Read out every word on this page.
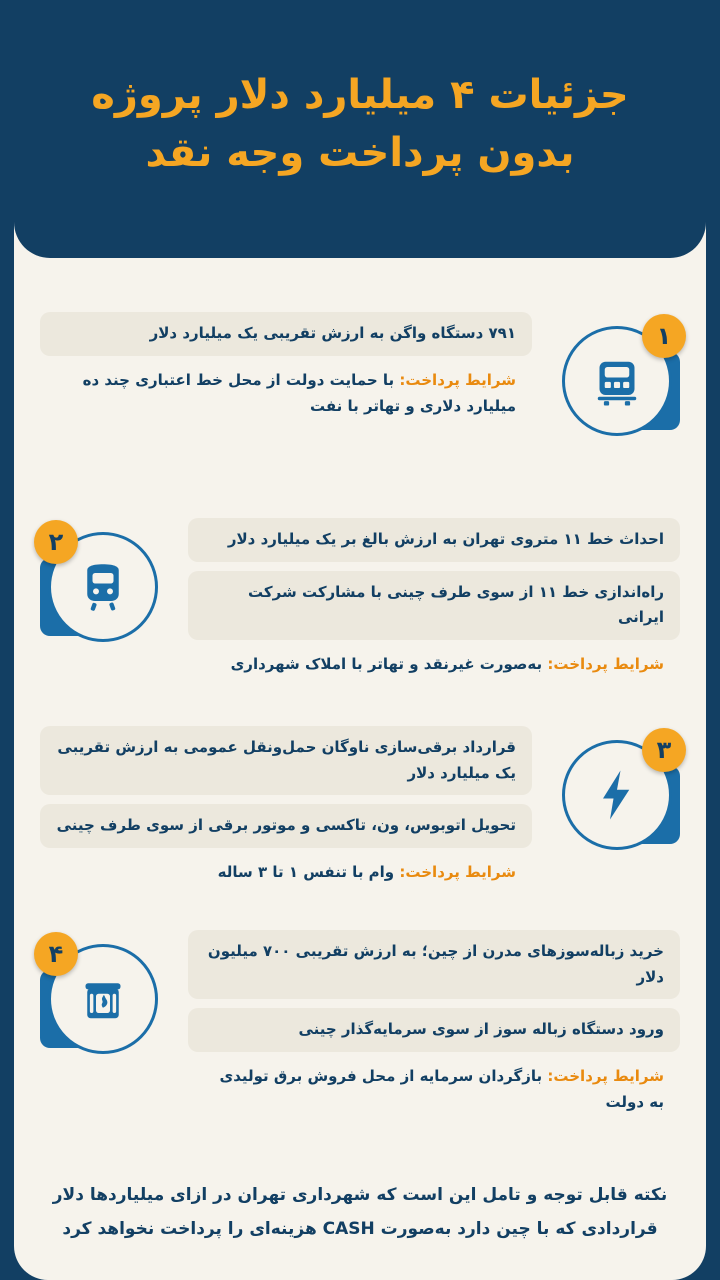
جزئیات ۴ میلیارد دلار پروژه
بدون پرداخت وجه نقد
۱
۷۹۱ دستگاه واگن به ارزش تقریبی یک میلیارد دلار
شرایط پرداخت: با حمایت دولت از محل خط اعتباری چند ده میلیارد دلاری و تهاتر با نفت
۲	احداث خط ۱۱ متروی تهران به ارزش بالغ بر یک میلیارد دلار
راه‌اندازی خط ۱۱ از سوی طرف چینی با مشارکت شرکت ایرانی
شرایط پرداخت: به‌صورت غیرنقد و تهاتر با املاک شهرداری
۳
قرارداد برقی‌سازی ناوگان حمل‌ونقل عمومی به ارزش تقریبی یک میلیارد دلار
تحویل اتوبوس، ون، تاکسی و موتور برقی از سوی طرف چینی
شرایط پرداخت: وام با تنفس ۱ تا ۳ ساله
۴	خرید زباله‌سوزهای مدرن از چین؛ به ارزش تقریبی ۷۰۰ میلیون دلار
ورود دستگاه زباله سوز از سوی سرمایه‌گذار چینی
شرایط پرداخت: بازگردان سرمایه از محل فروش برق تولیدی به دولت
نکته قابل توجه و تامل این است که شهرداری تهران در ازای میلیاردها دلار
قراردادی که با چین دارد به‌صورت CASH هزینه‌ای را پرداخت نخواهد کرد
